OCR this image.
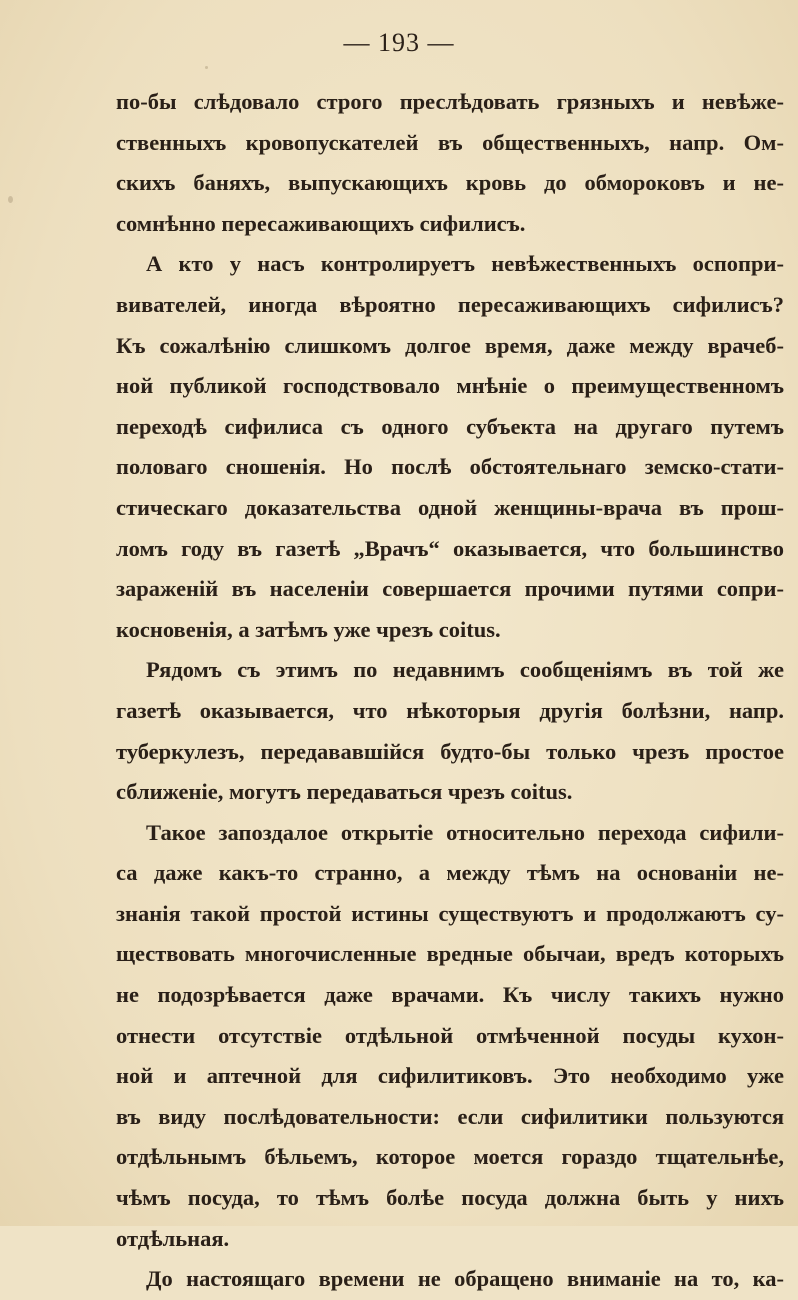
— 193 —
по-бы слѣдовало строго преслѣдовать грязныхъ и невѣже-
ственныхъ кровопускателей въ общественныхъ, напр. Ом-
скихъ баняхъ, выпускающихъ кровь до обмороковъ и не-
сомнѣнно пересаживающихъ сифилисъ.
А кто у насъ контролируетъ невѣжественныхъ оспопри-
вивателей, иногда вѣроятно пересаживающихъ сифилисъ?
Къ сожалѣнію слишкомъ долгое время, даже между врачеб-
ной публикой господствовало мнѣніе о преимущественномъ
переходѣ сифилиса съ одного субъекта на другаго путемъ
половаго сношенія. Но послѣ обстоятельнаго земско-стати-
стическаго доказательства одной женщины-врача въ прош-
ломъ году въ газетѣ „Врачъ“ оказывается, что большинство
зараженій въ населеніи совершается прочими путями сопри-
косновенія, а затѣмъ уже чрезъ coitus.
Рядомъ съ этимъ по недавнимъ сообщеніямъ въ той же
газетѣ оказывается, что нѣкоторыя другія болѣзни, напр.
туберкулезъ, передававшійся будто-бы только чрезъ простое
сближеніе, могутъ передаваться чрезъ coitus.
Такое запоздалое открытіе относительно перехода сифили-
са даже какъ-то странно, а между тѣмъ на основаніи не-
знанія такой простой истины существуютъ и продолжаютъ су-
ществовать многочисленные вредные обычаи, вредъ которыхъ
не подозрѣвается даже врачами. Къ числу такихъ нужно
отнести отсутствіе отдѣльной отмѣченной посуды кухон-
ной и аптечной для сифилитиковъ. Это необходимо уже
въ виду послѣдовательности: если сифилитики пользуются
отдѣльнымъ бѣльемъ, которое моется гораздо тщательнѣе,
чѣмъ посуда, то тѣмъ болѣе посуда должна быть у нихъ
отдѣльная.
До настоящаго времени не обращено вниманіе на то, ка-
